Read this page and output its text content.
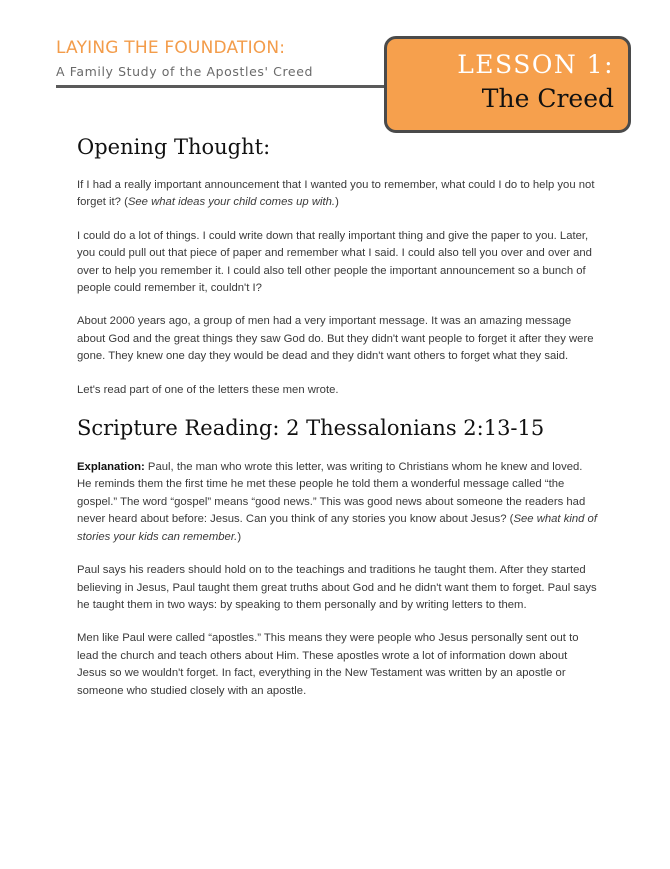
LAYING THE FOUNDATION:
A Family Study of the Apostles' Creed	LESSON 1:
The Creed
Opening Thought:

If I had a really important announcement that I wanted you to remember, what could I do to help you not forget it? (See what ideas your child comes up with.)

I could do a lot of things. I could write down that really important thing and give the paper to you. Later, you could pull out that piece of paper and remember what I said. I could also tell you over and over and over to help you remember it. I could also tell other people the important announcement so a bunch of people could remember it, couldn't I?

About 2000 years ago, a group of men had a very important message. It was an amazing message about God and the great things they saw God do. But they didn't want people to forget it after they were gone. They knew one day they would be dead and they didn't want others to forget what they said.

Let's read part of one of the letters these men wrote.

Scripture Reading: 2 Thessalonians 2:13-15

Explanation: Paul, the man who wrote this letter, was writing to Christians whom he knew and loved. He reminds them the first time he met these people he told them a wonderful message called “the gospel.” The word “gospel” means “good news.” This was good news about someone the readers had never heard about before: Jesus. Can you think of any stories you know about Jesus? (See what kind of stories your kids can remember.)

Paul says his readers should hold on to the teachings and traditions he taught them. After they started believing in Jesus, Paul taught them great truths about God and he didn't want them to forget. Paul says he taught them in two ways: by speaking to them personally and by writing letters to them.

Men like Paul were called “apostles.” This means they were people who Jesus personally sent out to lead the church and teach others about Him. These apostles wrote a lot of information down about Jesus so we wouldn't forget. In fact, everything in the New Testament was written by an apostle or someone who studied closely with an apostle.
